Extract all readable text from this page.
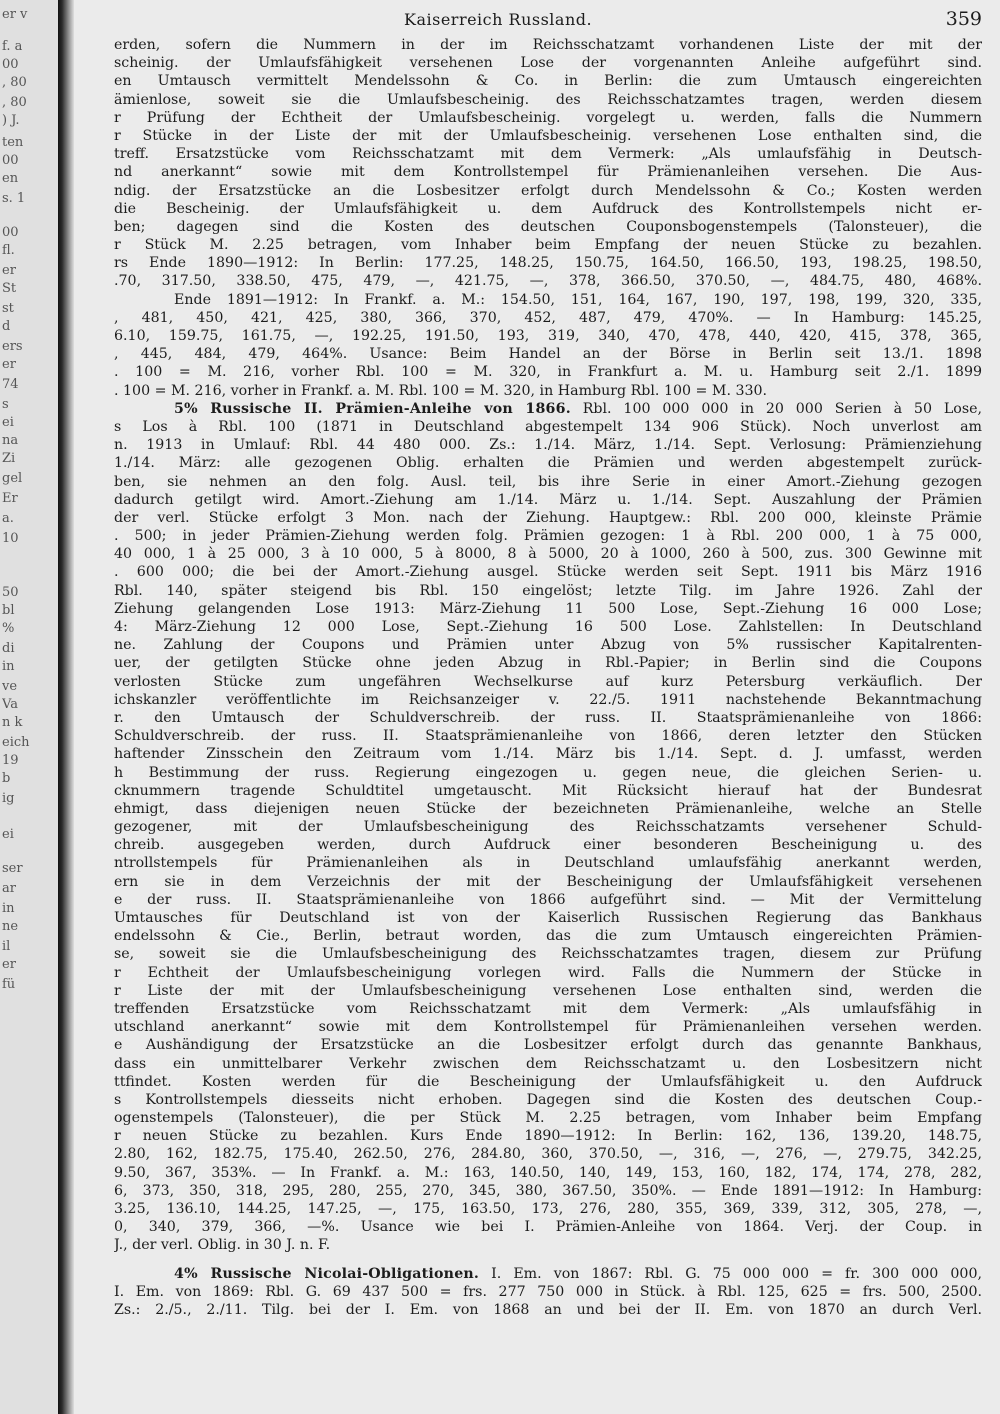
er v
f. a
00
, 80
, 80
) J.
ten
00
en
s. 1
00
fl.
er
St
st
d
ers
er
74
s
ei
na
Zi
gel
Er
a.
10
50
bl
%
di
in
ve
Va
n k
eich
19
b
ig
ei
ser
ar
in
ne
il
er
fü
Kaiserreich Russland.	359
erden, sofern die Nummern in der im Reichsschatzamt vorhandenen Liste der mit der
scheinig. der Umlaufsfähigkeit versehenen Lose der vorgenannten Anleihe aufgeführt sind.
en Umtausch vermittelt Mendelssohn & Co. in Berlin: die zum Umtausch eingereichten
ämienlose, soweit sie die Umlaufsbescheinig. des Reichsschatzamtes tragen, werden diesem
r Prüfung der Echtheit der Umlaufsbescheinig. vorgelegt u. werden, falls die Nummern
r Stücke in der Liste der mit der Umlaufsbescheinig. versehenen Lose enthalten sind, die
treff. Ersatzstücke vom Reichsschatzamt mit dem Vermerk: „Als umlaufsfähig in Deutsch-
nd anerkannt“ sowie mit dem Kontrollstempel für Prämienanleihen versehen. Die Aus-
ndig. der Ersatzstücke an die Losbesitzer erfolgt durch Mendelssohn & Co.; Kosten werden
die Bescheinig. der Umlaufsfähigkeit u. dem Aufdruck des Kontrollstempels nicht er-
ben; dagegen sind die Kosten des deutschen Couponsbogenstempels (Talonsteuer), die
r Stück M. 2.25 betragen, vom Inhaber beim Empfang der neuen Stücke zu bezahlen.
rs Ende 1890—1912: In Berlin: 177.25, 148.25, 150.75, 164.50, 166.50, 193, 198.25, 198.50,
.70, 317.50, 338.50, 475, 479, —, 421.75, —, 378, 366.50, 370.50, —, 484.75, 480, 468%.
Ende 1891—1912: In Frankf. a. M.: 154.50, 151, 164, 167, 190, 197, 198, 199, 320, 335,
, 481, 450, 421, 425, 380, 366, 370, 452, 487, 479, 470%. — In Hamburg: 145.25,
6.10, 159.75, 161.75, —, 192.25, 191.50, 193, 319, 340, 470, 478, 440, 420, 415, 378, 365,
, 445, 484, 479, 464%. Usance: Beim Handel an der Börse in Berlin seit 13./1. 1898
. 100 = M. 216, vorher Rbl. 100 = M. 320, in Frankfurt a. M. u. Hamburg seit 2./1. 1899
. 100 = M. 216, vorher in Frankf. a. M. Rbl. 100 = M. 320, in Hamburg Rbl. 100 = M. 330.
5% Russische II. Prämien-Anleihe von 1866. Rbl. 100 000 000 in 20 000 Serien à 50 Lose,
s Los à Rbl. 100 (1871 in Deutschland abgestempelt 134 906 Stück). Noch unverlost am
n. 1913 in Umlauf: Rbl. 44 480 000. Zs.: 1./14. März, 1./14. Sept. Verlosung: Prämienziehung
1./14. März: alle gezogenen Oblig. erhalten die Prämien und werden abgestempelt zurück-
ben, sie nehmen an den folg. Ausl. teil, bis ihre Serie in einer Amort.-Ziehung gezogen
dadurch getilgt wird. Amort.-Ziehung am 1./14. März u. 1./14. Sept. Auszahlung der Prämien
der verl. Stücke erfolgt 3 Mon. nach der Ziehung. Hauptgew.: Rbl. 200 000, kleinste Prämie
. 500; in jeder Prämien-Ziehung werden folg. Prämien gezogen: 1 à Rbl. 200 000, 1 à 75 000,
40 000, 1 à 25 000, 3 à 10 000, 5 à 8000, 8 à 5000, 20 à 1000, 260 à 500, zus. 300 Gewinne mit
. 600 000; die bei der Amort.-Ziehung ausgel. Stücke werden seit Sept. 1911 bis März 1916
Rbl. 140, später steigend bis Rbl. 150 eingelöst; letzte Tilg. im Jahre 1926. Zahl der
Ziehung gelangenden Lose 1913: März-Ziehung 11 500 Lose, Sept.-Ziehung 16 000 Lose;
4: März-Ziehung 12 000 Lose, Sept.-Ziehung 16 500 Lose. Zahlstellen: In Deutschland
ne. Zahlung der Coupons und Prämien unter Abzug von 5% russischer Kapitalrenten-
uer, der getilgten Stücke ohne jeden Abzug in Rbl.-Papier; in Berlin sind die Coupons
verlosten Stücke zum ungefähren Wechselkurse auf kurz Petersburg verkäuflich. Der
ichskanzler veröffentlichte im Reichsanzeiger v. 22./5. 1911 nachstehende Bekanntmachung
r. den Umtausch der Schuldverschreib. der russ. II. Staatsprämienanleihe von 1866:
Schuldverschreib. der russ. II. Staatsprämienanleihe von 1866, deren letzter den Stücken
haftender Zinsschein den Zeitraum vom 1./14. März bis 1./14. Sept. d. J. umfasst, werden
h Bestimmung der russ. Regierung eingezogen u. gegen neue, die gleichen Serien- u.
cknummern tragende Schuldtitel umgetauscht. Mit Rücksicht hierauf hat der Bundesrat
ehmigt, dass diejenigen neuen Stücke der bezeichneten Prämienanleihe, welche an Stelle
gezogener, mit der Umlaufsbescheinigung des Reichsschatzamts versehener Schuld-
chreib. ausgegeben werden, durch Aufdruck einer besonderen Bescheinigung u. des
ntrollstempels für Prämienanleihen als in Deutschland umlaufsfähig anerkannt werden,
ern sie in dem Verzeichnis der mit der Bescheinigung der Umlaufsfähigkeit versehenen
e der russ. II. Staatsprämienanleihe von 1866 aufgeführt sind. — Mit der Vermittelung
Umtausches für Deutschland ist von der Kaiserlich Russischen Regierung das Bankhaus
endelssohn & Cie., Berlin, betraut worden, das die zum Umtausch eingereichten Prämien-
se, soweit sie die Umlaufsbescheinigung des Reichsschatzamtes tragen, diesem zur Prüfung
r Echtheit der Umlaufsbescheinigung vorlegen wird. Falls die Nummern der Stücke in
r Liste der mit der Umlaufsbescheinigung versehenen Lose enthalten sind, werden die
treffenden Ersatzstücke vom Reichsschatzamt mit dem Vermerk: „Als umlaufsfähig in
utschland anerkannt“ sowie mit dem Kontrollstempel für Prämienanleihen versehen werden.
e Aushändigung der Ersatzstücke an die Losbesitzer erfolgt durch das genannte Bankhaus,
dass ein unmittelbarer Verkehr zwischen dem Reichsschatzamt u. den Losbesitzern nicht
ttfindet. Kosten werden für die Bescheinigung der Umlaufsfähigkeit u. den Aufdruck
s Kontrollstempels diesseits nicht erhoben. Dagegen sind die Kosten des deutschen Coup.-
ogenstempels (Talonsteuer), die per Stück M. 2.25 betragen, vom Inhaber beim Empfang
r neuen Stücke zu bezahlen. Kurs Ende 1890—1912: In Berlin: 162, 136, 139.20, 148.75,
2.80, 162, 182.75, 175.40, 262.50, 276, 284.80, 360, 370.50, —, 316, —, 276, —, 279.75, 342.25,
9.50, 367, 353%. — In Frankf. a. M.: 163, 140.50, 140, 149, 153, 160, 182, 174, 174, 278, 282,
6, 373, 350, 318, 295, 280, 255, 270, 345, 380, 367.50, 350%. — Ende 1891—1912: In Hamburg:
3.25, 136.10, 144.25, 147.25, —, 175, 163.50, 173, 276, 280, 355, 369, 339, 312, 305, 278, —,
0, 340, 379, 366, —%. Usance wie bei I. Prämien-Anleihe von 1864. Verj. der Coup. in
J., der verl. Oblig. in 30 J. n. F.
4% Russische Nicolai-Obligationen. I. Em. von 1867: Rbl. G. 75 000 000 = fr. 300 000 000,
I. Em. von 1869: Rbl. G. 69 437 500 = frs. 277 750 000 in Stück. à Rbl. 125, 625 = frs. 500, 2500.
Zs.: 2./5., 2./11. Tilg. bei der I. Em. von 1868 an und bei der II. Em. von 1870 an durch Verl.
